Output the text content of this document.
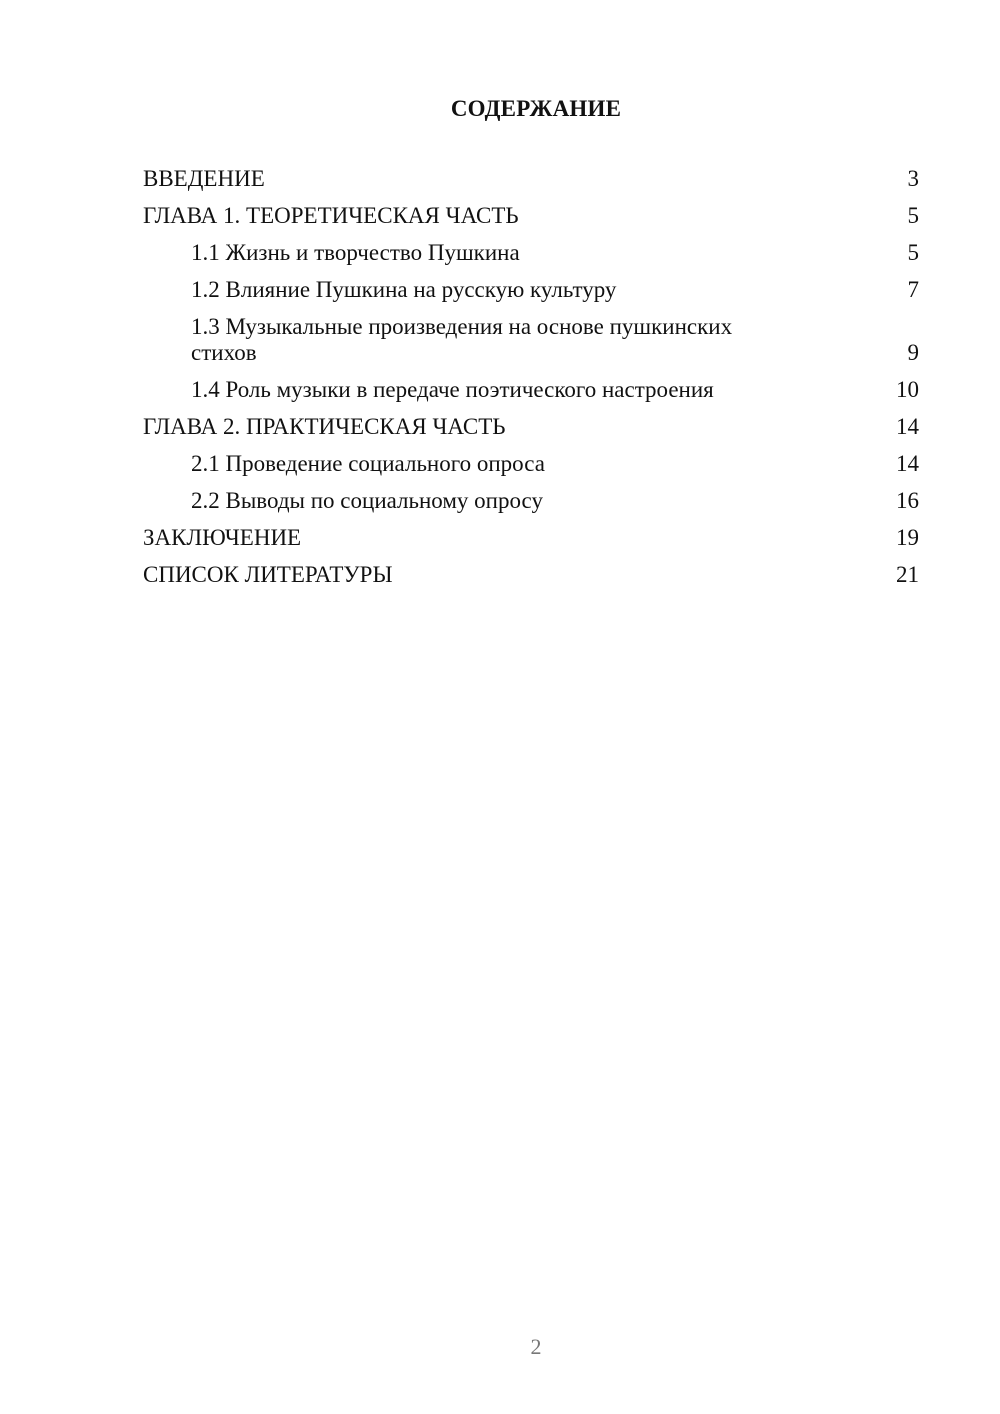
СОДЕРЖАНИЕ
ВВЕДЕНИЕ	3
ГЛАВА 1. ТЕОРЕТИЧЕСКАЯ ЧАСТЬ	5
1.1 Жизнь и творчество Пушкина	5
1.2 Влияние Пушкина на русскую культуру	7
1.3 Музыкальные произведения на основе пушкинских стихов	9
1.4 Роль музыки в передаче поэтического настроения	10
ГЛАВА 2. ПРАКТИЧЕСКАЯ ЧАСТЬ	14
2.1 Проведение социального опроса	14
2.2 Выводы по социальному опросу	16
ЗАКЛЮЧЕНИЕ	19
СПИСОК ЛИТЕРАТУРЫ	21
2
